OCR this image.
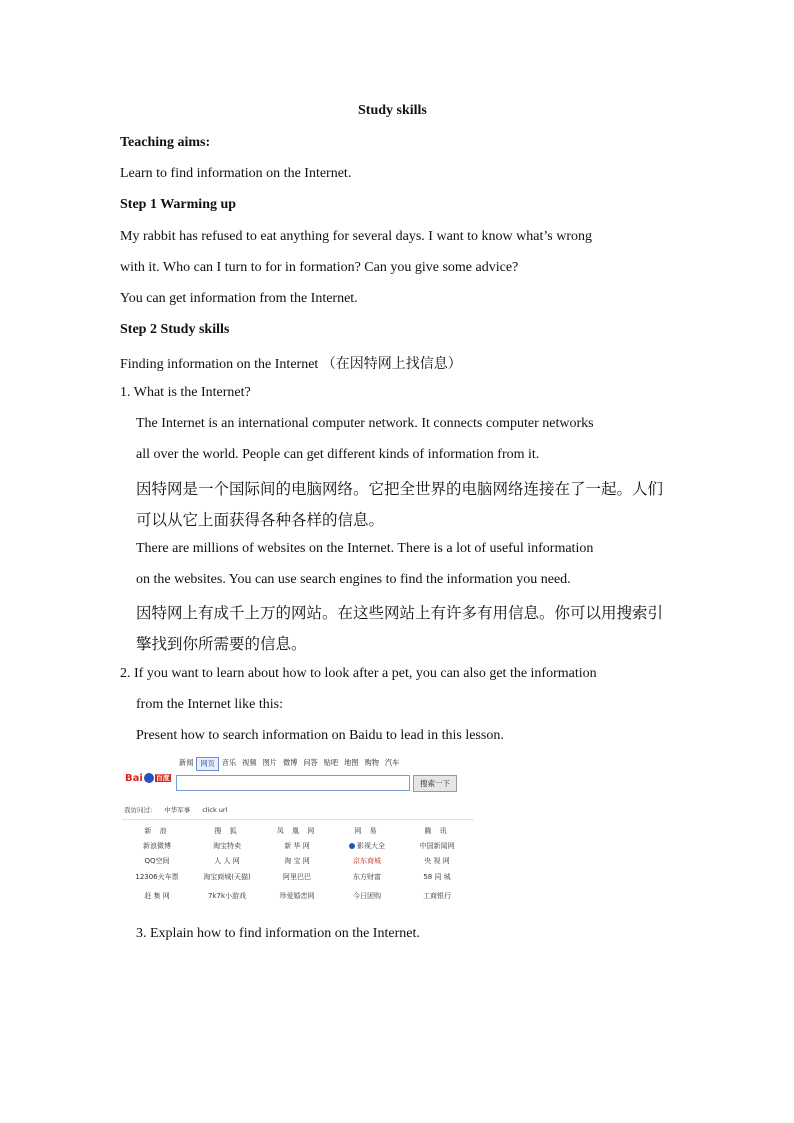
Study skills
Teaching aims:
Learn to find information on the Internet.
Step 1 Warming up
My rabbit has refused to eat anything for several days. I want to know what’s wrong
with it. Who can I turn to for in formation? Can you give some advice?
You can get information from the Internet.
Step 2 Study skills
Finding information on the Internet （在因特网上找信息）
1. What is the Internet?
The Internet is an international computer network. It connects computer networks
all over the world. People can get different kinds of information from it.
因特网是一个国际间的电脑网络。它把全世界的电脑网络连接在了一起。人们
可以从它上面获得各种各样的信息。
There are millions of websites on the Internet. There is a lot of useful information
on the websites. You can use search engines to find the information you need.
因特网上有成千上万的网站。在这些网站上有许多有用信息。你可以用搜索引
擎找到你所需要的信息。
2. If you want to learn about how to look after a pet, you can also get the information
from the Internet like this:
Present how to search information on Baidu to lead in this lesson.
新闻 网页 音乐 视频 图片 微博 问答 贴吧 地图 购物 汽车
Bai 百度
搜索一下
我访问过: 中华军事 click url
新 浪	搜 狐	凤 凰 网	网 易	腾 讯
新浪微博	淘宝特卖	新 华 网	影视大全	中国新闻网
QQ空间	人 人 网	淘 宝 网	京东商城	央 视 网
12306火车票	淘宝商城(天猫)	阿里巴巴	东方财富	58 同 城
赶 集 网	7k7k小游戏	珍爱婚恋网	今日团购	工商银行
3. Explain how to find information on the Internet.
